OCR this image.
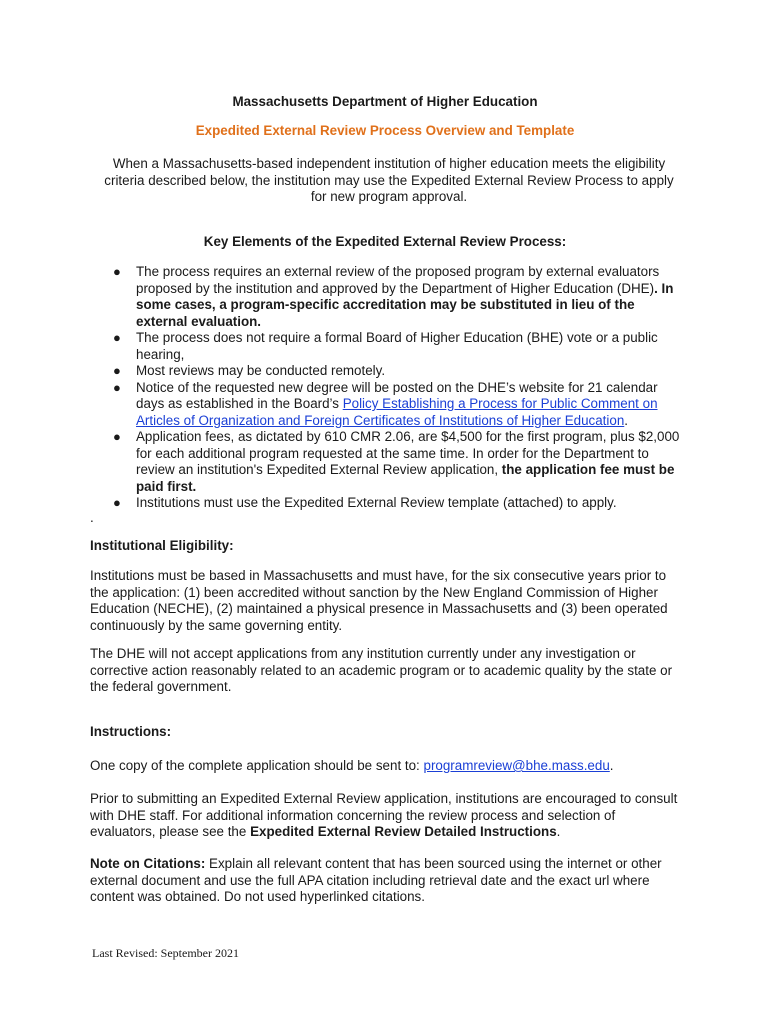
Massachusetts Department of Higher Education
Expedited External Review Process Overview and Template
When a Massachusetts-based independent institution of higher education meets the eligibility criteria described below, the institution may use the Expedited External Review Process to apply for new program approval.
Key Elements of the Expedited External Review Process:
● The process requires an external review of the proposed program by external evaluators proposed by the institution and approved by the Department of Higher Education (DHE). In some cases, a program-specific accreditation may be substituted in lieu of the external evaluation.
● The process does not require a formal Board of Higher Education (BHE) vote or a public hearing,
● Most reviews may be conducted remotely.
● Notice of the requested new degree will be posted on the DHE’s website for 21 calendar days as established in the Board’s Policy Establishing a Process for Public Comment on Articles of Organization and Foreign Certificates of Institutions of Higher Education.
● Application fees, as dictated by 610 CMR 2.06, are $4,500 for the first program, plus $2,000 for each additional program requested at the same time. In order for the Department to review an institution's Expedited External Review application, the application fee must be paid first.
● Institutions must use the Expedited External Review template (attached) to apply.
.
Institutional Eligibility:
Institutions must be based in Massachusetts and must have, for the six consecutive years prior to the application: (1) been accredited without sanction by the New England Commission of Higher Education (NECHE), (2) maintained a physical presence in Massachusetts and (3) been operated continuously by the same governing entity.
The DHE will not accept applications from any institution currently under any investigation or corrective action reasonably related to an academic program or to academic quality by the state or the federal government.
Instructions:
One copy of the complete application should be sent to: programreview@bhe.mass.edu.
Prior to submitting an Expedited External Review application, institutions are encouraged to consult with DHE staff. For additional information concerning the review process and selection of evaluators, please see the Expedited External Review Detailed Instructions.
Note on Citations: Explain all relevant content that has been sourced using the internet or other external document and use the full APA citation including retrieval date and the exact url where content was obtained. Do not used hyperlinked citations.
Last Revised: September 2021
